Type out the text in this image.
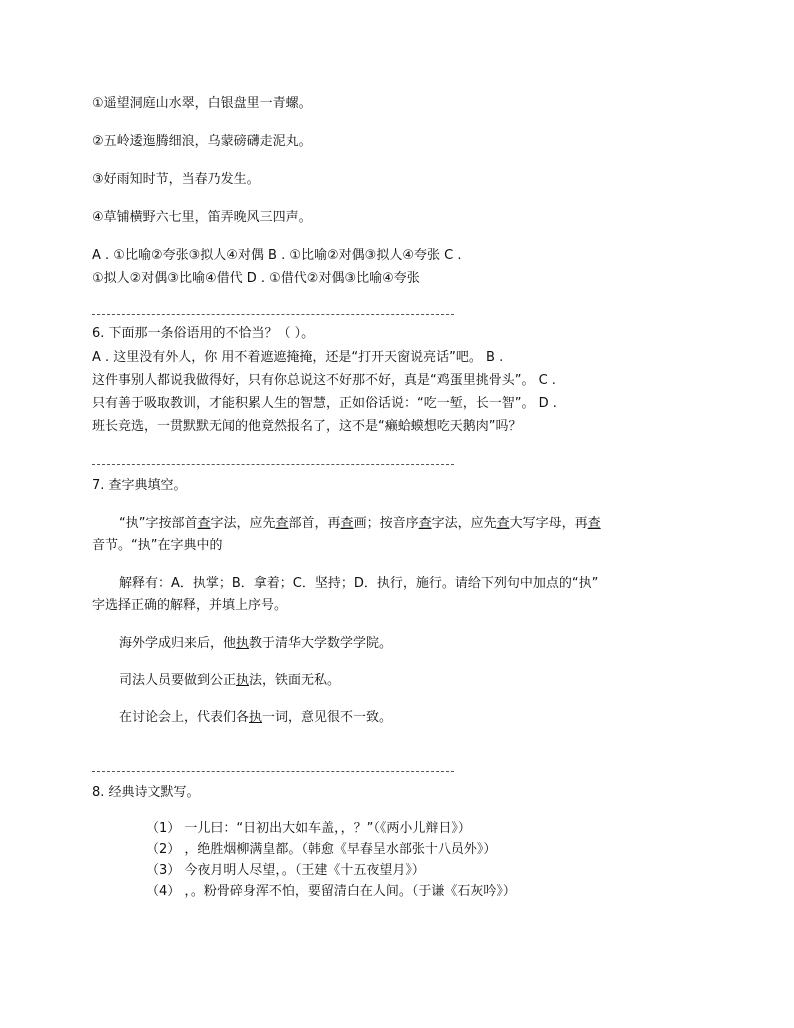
①遥望洞庭山水翠，白银盘里一青螺。
②五岭逶迤腾细浪，乌蒙磅礴走泥丸。
③好雨知时节，当春乃发生。
④草铺横野六七里，笛弄晚风三四声。
A . ①比喻②夸张③拟人④对偶 B . ①比喻②对偶③拟人④夸张 C .
①拟人②对偶③比喻④借代 D . ①借代②对偶③比喻④夸张
6. 下面那一条俗语用的不恰当？（ ）。
A . 这里没有外人，你 用不着遮遮掩掩，还是“打开天窗说亮话”吧。 B .
这件事别人都说我做得好，只有你总说这不好那不好，真是“鸡蛋里挑骨头”。 C .
只有善于吸取教训，才能积累人生的智慧，正如俗话说：“吃一堑，长一智”。 D .
班长竞选，一贯默默无闻的他竟然报名了，这不是“癞蛤蟆想吃天鹅肉”吗？
7. 查字典填空。
“执”字按部首查字法，应先查部首，再查画；按音序查字法，应先查大写字母，再查
音节。“执”在字典中的
解释有：A．执掌；B．拿着；C．坚持；D．执行，施行。请给下列句中加点的“执”
字选择正确的解释，并填上序号。
海外学成归来后，他执教于清华大学数学学院。
司法人员要做到公正执法，铁面无私。
在讨论会上，代表们各执一词，意见很不一致。
8. 经典诗文默写。
（1） 一儿曰：“日初出大如车盖，，？”（《两小儿辩日》）
（2） ，绝胜烟柳满皇都。（韩愈《早春呈水部张十八员外》）
（3） 今夜月明人尽望，。（王建《十五夜望月》）
（4） ，。粉骨碎身浑不怕，要留清白在人间。（于谦《石灰吟》）
